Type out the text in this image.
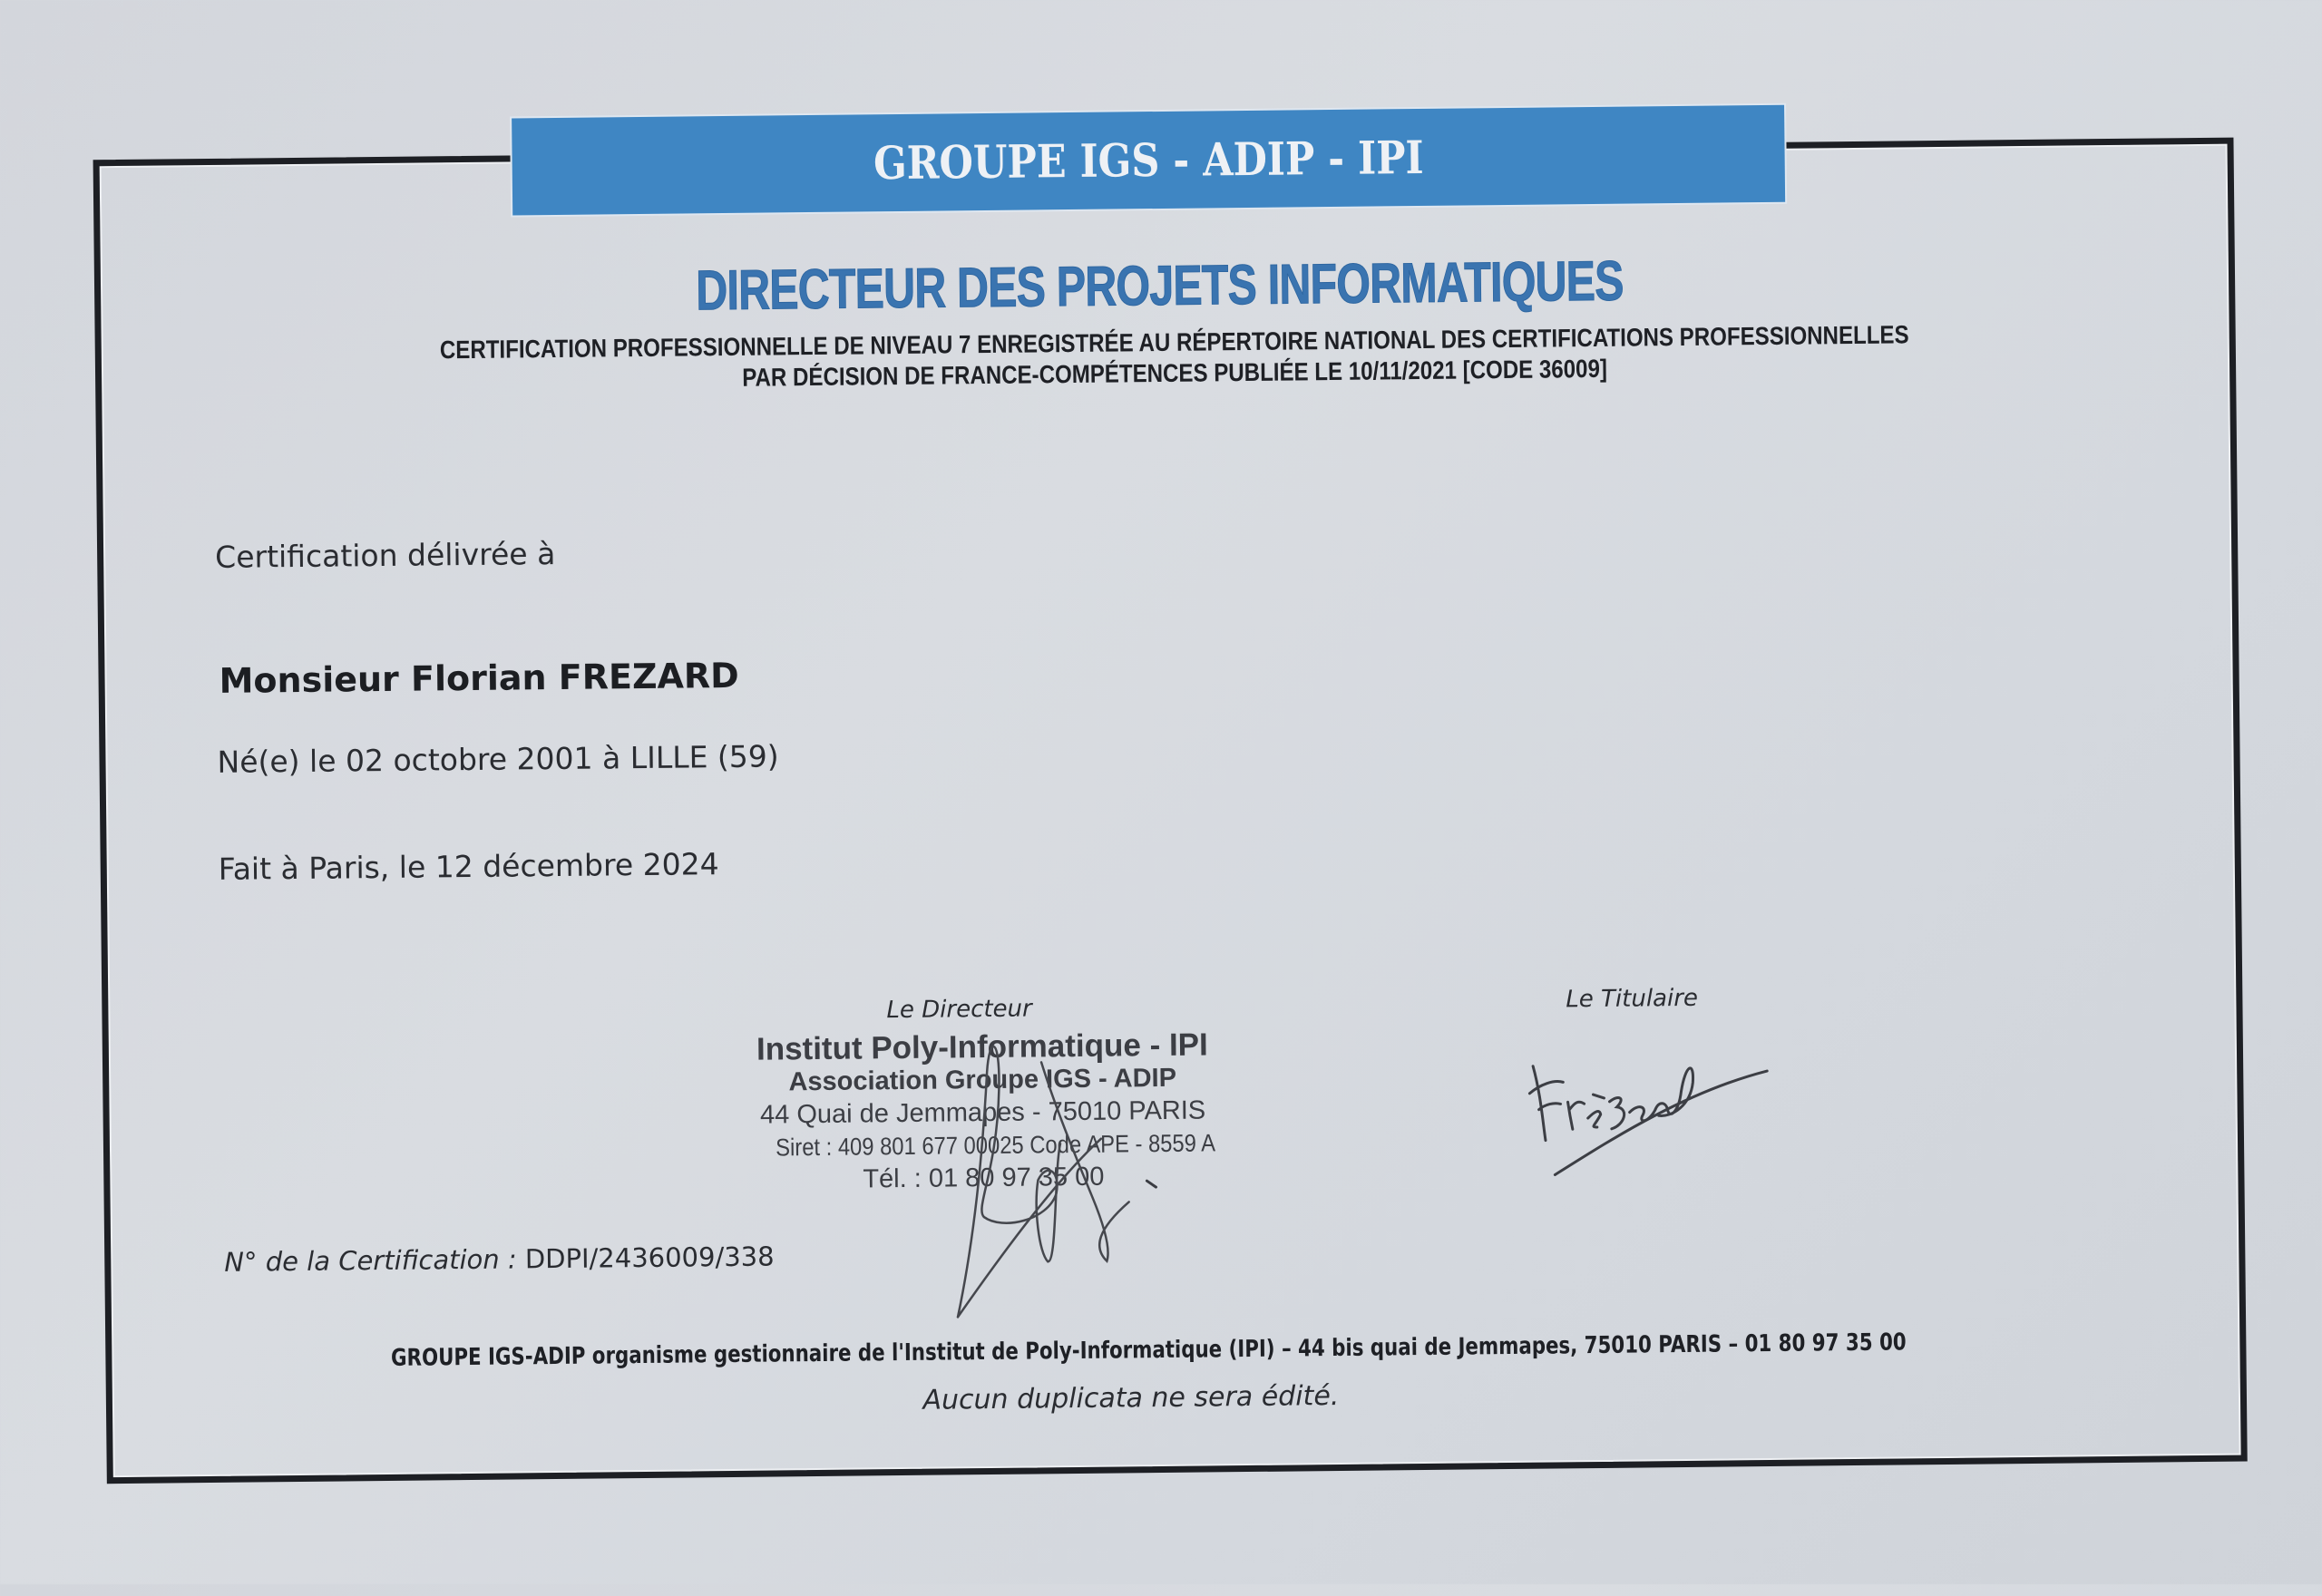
GROUPE IGS - ADIP - IPI
DIRECTEUR DES PROJETS INFORMATIQUES
CERTIFICATION PROFESSIONNELLE DE NIVEAU 7 ENREGISTRÉE AU RÉPERTOIRE NATIONAL DES CERTIFICATIONS PROFESSIONNELLES
PAR DÉCISION DE FRANCE-COMPÉTENCES PUBLIÉE LE 10/11/2021 [CODE 36009]
Certification délivrée à
Monsieur Florian FREZARD
Né(e) le 02 octobre 2001 à LILLE (59)
Fait à Paris, le 12 décembre 2024
Le Directeur	Le Titulaire
Institut Poly-Informatique - IPI
Association Groupe IGS - ADIP
44 Quai de Jemmapes - 75010 PARIS
Siret : 409 801 677 00025 Code APE - 8559 A
Tél. : 01 80 97 35 00
N° de la Certification : DDPI/2436009/338
GROUPE IGS-ADIP organisme gestionnaire de l'Institut de Poly-Informatique (IPI) – 44 bis quai de Jemmapes, 75010 PARIS – 01 80 97 35 00
Aucun duplicata ne sera édité.
